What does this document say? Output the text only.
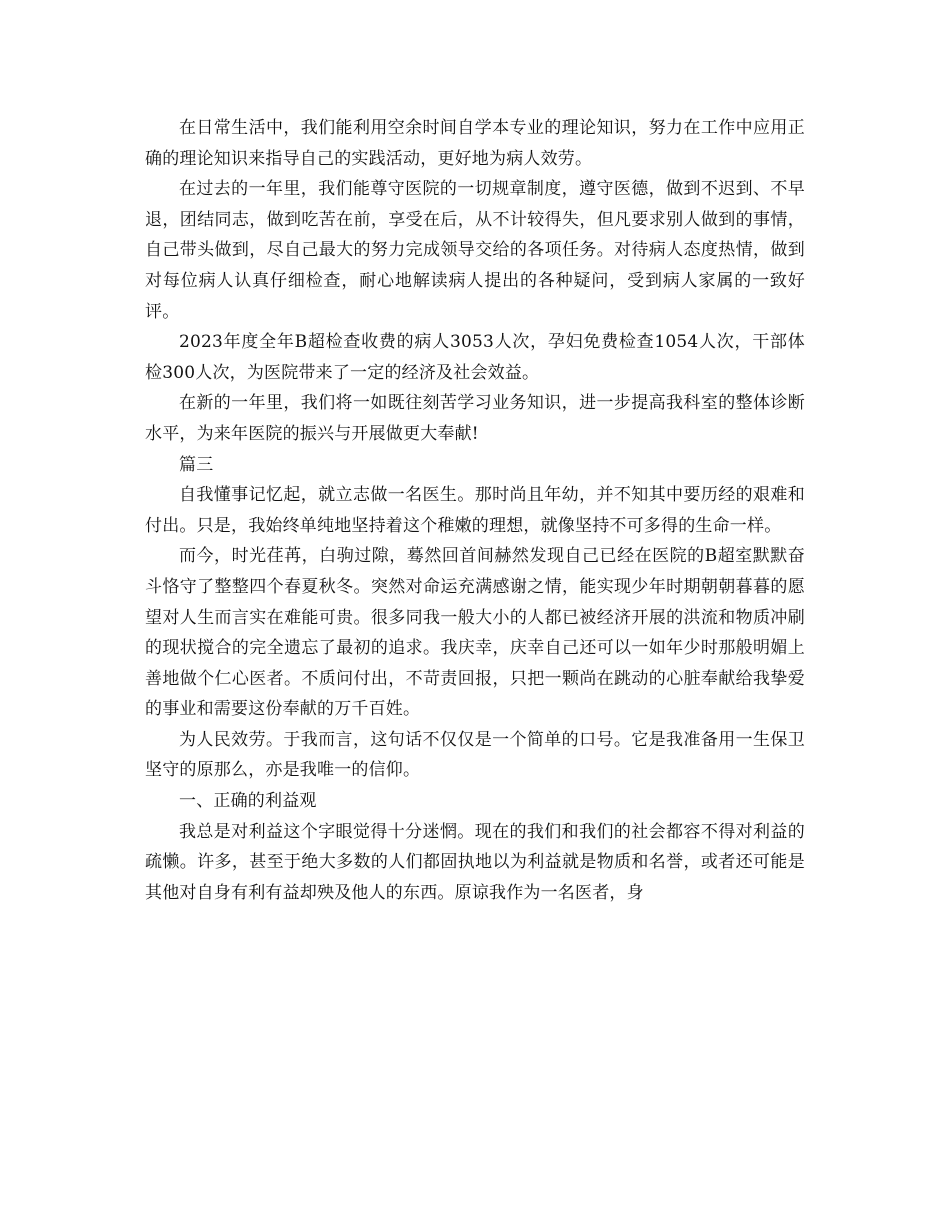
在日常生活中，我们能利用空余时间自学本专业的理论知识，努力在工作中应用正确的理论知识来指导自己的实践活动，更好地为病人效劳。

在过去的一年里，我们能尊守医院的一切规章制度，遵守医德，做到不迟到、不早退，团结同志，做到吃苦在前，享受在后，从不计较得失，但凡要求别人做到的事情，自己带头做到，尽自己最大的努力完成领导交给的各项任务。对待病人态度热情，做到对每位病人认真仔细检查，耐心地解读病人提出的各种疑问，受到病人家属的一致好评。

2023年度全年B超检查收费的病人3053人次，孕妇免费检查1054人次，干部体检300人次，为医院带来了一定的经济及社会效益。

在新的一年里，我们将一如既往刻苦学习业务知识，进一步提高我科室的整体诊断水平，为来年医院的振兴与开展做更大奉献!

篇三

自我懂事记忆起，就立志做一名医生。那时尚且年幼，并不知其中要历经的艰难和付出。只是，我始终单纯地坚持着这个稚嫩的理想，就像坚持不可多得的生命一样。

而今，时光荏苒，白驹过隙，蓦然回首间赫然发现自己已经在医院的B超室默默奋斗恪守了整整四个春夏秋冬。突然对命运充满感谢之情，能实现少年时期朝朝暮暮的愿望对人生而言实在难能可贵。很多同我一般大小的人都已被经济开展的洪流和物质冲刷的现状搅合的完全遗忘了最初的追求。我庆幸，庆幸自己还可以一如年少时那般明媚上善地做个仁心医者。不质问付出，不苛责回报，只把一颗尚在跳动的心脏奉献给我挚爱的事业和需要这份奉献的万千百姓。

为人民效劳。于我而言，这句话不仅仅是一个简单的口号。它是我准备用一生保卫坚守的原那么，亦是我唯一的信仰。

一、正确的利益观

我总是对利益这个字眼觉得十分迷惘。现在的我们和我们的社会都容不得对利益的疏懒。许多，甚至于绝大多数的人们都固执地以为利益就是物质和名誉，或者还可能是其他对自身有利有益却殃及他人的东西。原谅我作为一名医者，身
